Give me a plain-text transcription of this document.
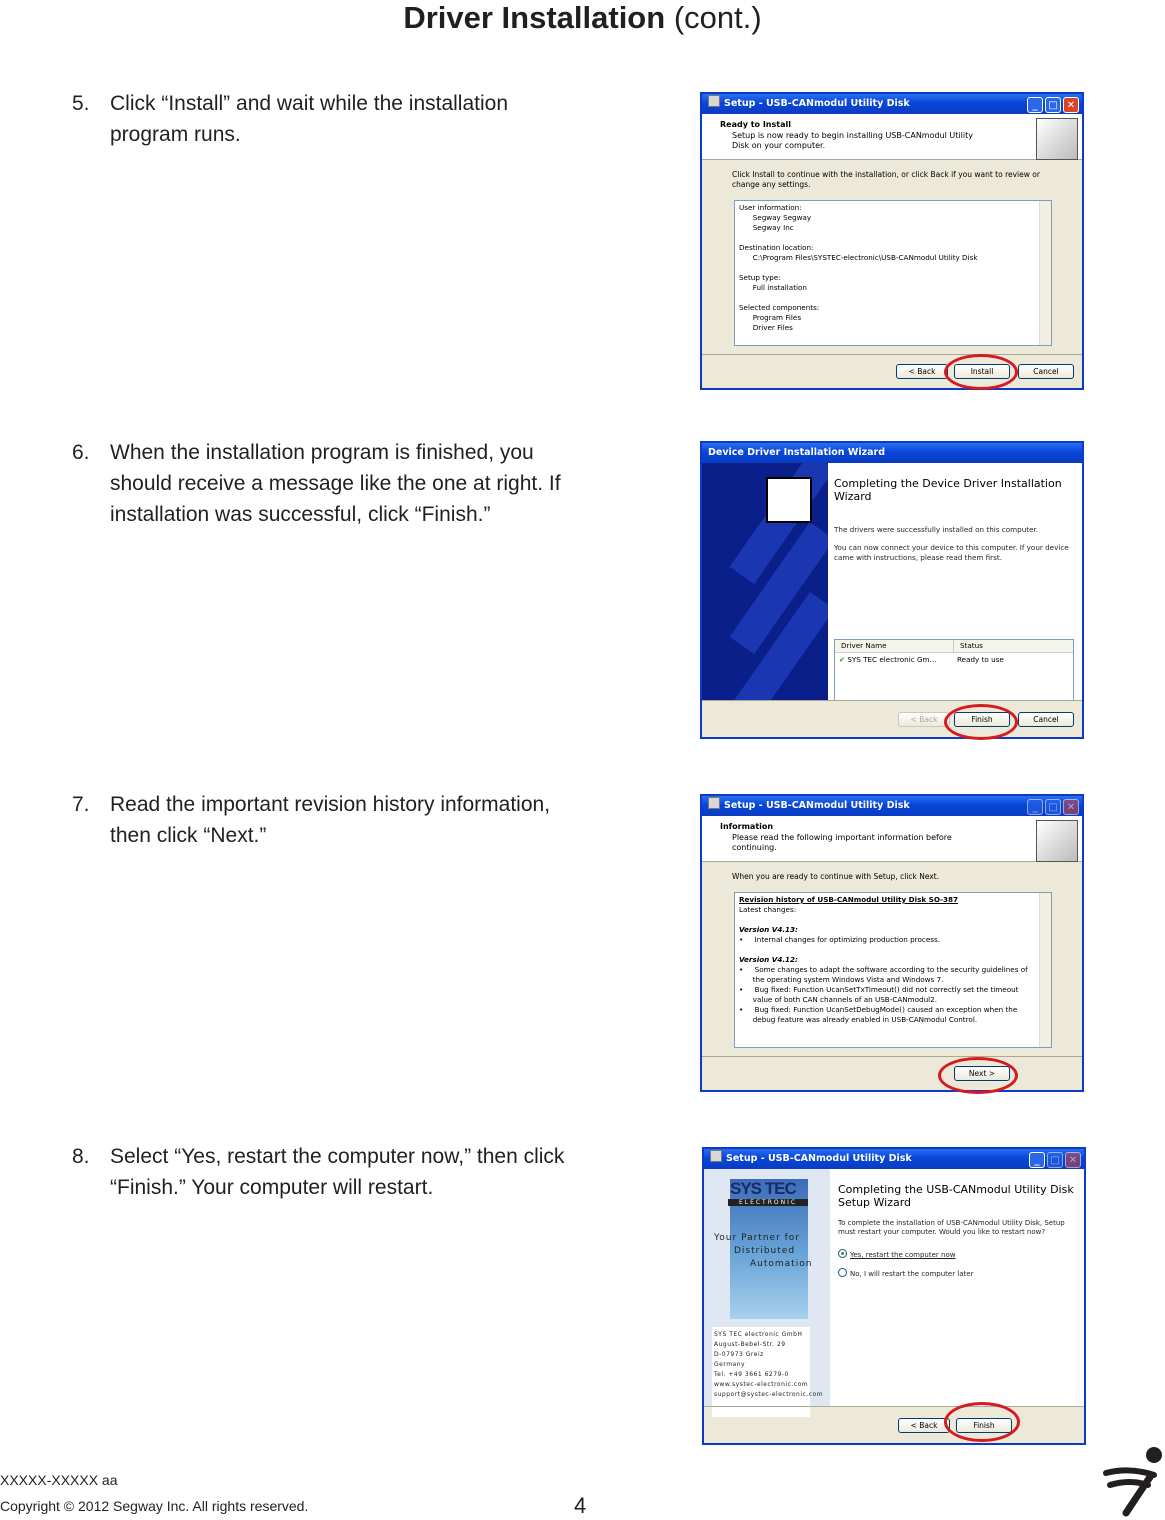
Driver Installation (cont.)
5. Click “Install” and wait while the installation program runs.
6. When the installation program is finished, you should receive a message like the one at right. If installation was successful, click “Finish.”
7. Read the important revision history information, then click “Next.”
8. Select “Yes, restart the computer now,” then click “Finish.” Your computer will restart.
Setup - USB-CANmodul Utility Disk	_ □ ✕
Ready to Install
Setup is now ready to begin installing USB-CANmodul Utility Disk on your computer.
Click Install to continue with the installation, or click Back if you want to review or change any settings.
User information:
Segway Segway
Segway Inc
Destination location:
C:\Program Files\SYSTEC-electronic\USB-CANmodul Utility Disk
Setup type:
Full installation
Selected components:
Program Files
Driver Files
< Back	Install	Cancel
Device Driver Installation Wizard
Completing the Device Driver Installation Wizard
The drivers were successfully installed on this computer.
You can now connect your device to this computer. If your device came with instructions, please read them first.
Driver Name	Status
✔ SYS TEC electronic Gm...	Ready to use
< Back	Finish	Cancel
Setup - USB-CANmodul Utility Disk	_ □ ✕
Information
Please read the following important information before continuing.
When you are ready to continue with Setup, click Next.
Revision history of USB-CANmodul Utility Disk SO-387
Latest changes:
Version V4.13:
•     Internal changes for optimizing production process.
Version V4.12:
•     Some changes to adapt the software according to the security guidelines of
the operating system Windows Vista and Windows 7.
•     Bug fixed: Function UcanSetTxTimeout() did not correctly set the timeout
value of both CAN channels of an USB-CANmodul2.
•     Bug fixed: Function UcanSetDebugMode() caused an exception when the
debug feature was already enabled in USB-CANmodul Control.
Next >
Setup - USB-CANmodul Utility Disk	_ □ ✕
SYS TEC
ELECTRONIC
Your Partner for
Distributed
Automation
SYS TEC electronic GmbH
August-Bebel-Str. 29
D-07973 Greiz
Germany
Tel. +49 3661 6279-0
www.systec-electronic.com
support@systec-electronic.com
Completing the USB-CANmodul Utility Disk Setup Wizard
To complete the installation of USB-CANmodul Utility Disk, Setup must restart your computer. Would you like to restart now?
Yes, restart the computer now
No, I will restart the computer later
< Back	Finish
XXXXX-XXXXX aa
Copyright © 2012 Segway Inc. All rights reserved.	4
